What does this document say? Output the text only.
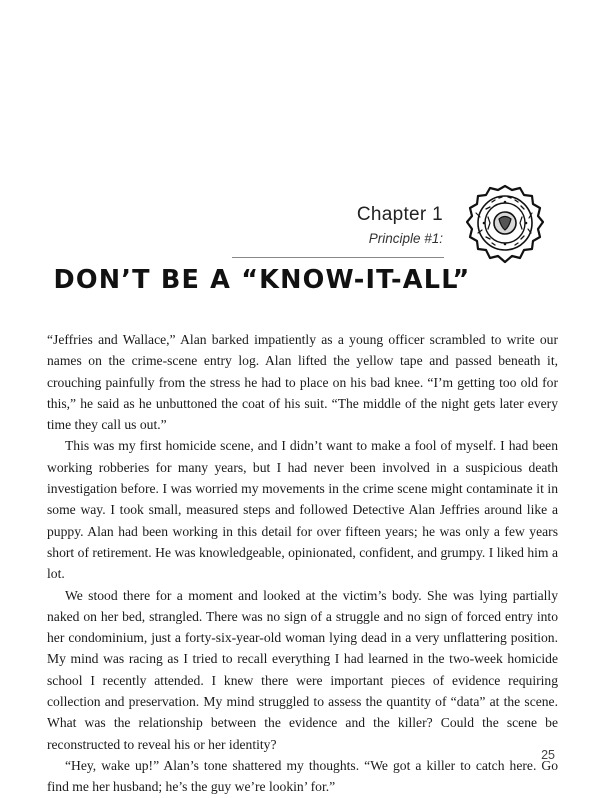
Chapter 1
Principle #1:
DON’T BE A “KNOW-IT-ALL”

“Jeffries and Wallace,” Alan barked impatiently as a young officer scrambled to write our names on the crime-scene entry log. Alan lifted the yellow tape and passed beneath it, crouching painfully from the stress he had to place on his bad knee. “I’m getting too old for this,” he said as he unbuttoned the coat of his suit. “The middle of the night gets later every time they call us out.”

This was my first homicide scene, and I didn’t want to make a fool of myself. I had been working robberies for many years, but I had never been involved in a suspicious death investigation before. I was worried my movements in the crime scene might contaminate it in some way. I took small, measured steps and followed Detective Alan Jeffries around like a puppy. Alan had been working in this detail for over fifteen years; he was only a few years short of retirement. He was knowledgeable, opinionated, confident, and grumpy. I liked him a lot.

We stood there for a moment and looked at the victim’s body. She was lying partially naked on her bed, strangled. There was no sign of a struggle and no sign of forced entry into her condominium, just a forty-six-year-old woman lying dead in a very unflattering position. My mind was racing as I tried to recall everything I had learned in the two-week homicide school I recently attended. I knew there were important pieces of evidence requiring collection and preservation. My mind struggled to assess the quantity of “data” at the scene. What was the relationship between the evidence and the killer? Could the scene be reconstructed to reveal his or her identity?

“Hey, wake up!” Alan’s tone shattered my thoughts. “We got a killer to catch here. Go find me her husband; he’s the guy we’re lookin’ for.”

25
